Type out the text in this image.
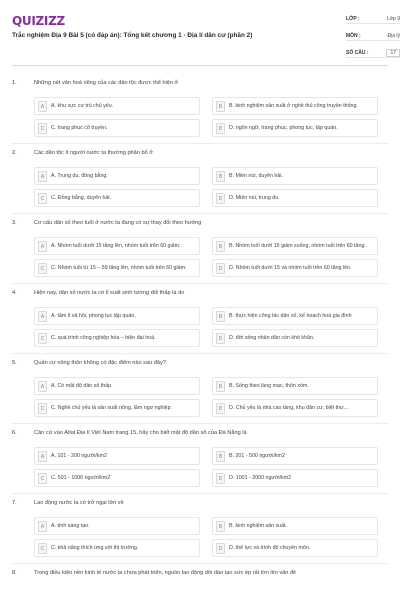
QUIZIZZ
Trắc nghiệm Địa 9 Bài 5 (có đáp án): Tổng kết chương 1 - Địa lí dân cư (phần 2)
LỚP :	Lớp 9
MÔN :	Địa lý
SỐ CÂU :	17
1.	Những nét văn hoá riêng của các dân tộc được thể hiện ở
A	A. khu vực cư trú chủ yếu.	B	B. kinh nghiệm sản xuất ở nghề thủ công truyền thống.
C	C. trang phục cổ truyền.	D	D. ngôn ngữ, trang phục, phong tục, tập quán.
2.	Các dân tộc ít người nước ta thường phân bố ở
A	A. Trung du, đồng bằng.	B	B. Miền núi, duyên hải.
C	C. Đồng bằng, duyên hải.	D	D. Miền núi, trung du.
3.	Cơ cấu dân số theo tuổi ở nước ta đang có sự thay đổi theo hướng
A	A. Nhóm tuổi dưới 15 tăng lên, nhóm tuổi trên 60 giảm.	B	B. Nhóm tuổi dưới 15 giảm xuống, nhóm tuổi trên 60 tăng.
C	C. Nhóm tuổi từ 15 – 59 tăng lên, nhóm tuổi trên 60 giảm.	D	D. Nhóm tuổi dưới 15 và nhóm tuổi trên 60 tăng lên.
4.	Hiện nay, dân số nước ta có tỉ suất sinh tương đối thấp là do
A	A. tâm lí xã hội, phong tục tập quán.	B	B. thực hiện công tác dân số, kế hoạch hoá gia đình
C	C. quá trình công nghiệp hóa – hiện đại hoá.	D	D. đời sống nhân dân còn khó khăn.
5.	Quần cư nông thôn không có đặc điểm nào sau đây?
A	A. Có mật độ dân số thấp.	B	B. Sống theo làng mạc, thôn xóm.
C	C. Nghề chủ yếu là sản xuất nông, lâm ngư nghiệp.	D	D. Chủ yếu là nhà cao tầng, khu dân cư, biệt thự...
6.	Căn cứ vào Atlat Địa lí Việt Nam trang 15, hãy cho biết mật độ dân số của Đà Nẵng là
A	A. 101 - 200 người/km2	B	B. 201 - 500 người/km2
C	C. 501 - 1000 người/km2	D	D. 1001 - 2000 người/km2
7.	Lao động nước ta có trở ngại lớn về
A	A. tính sáng tạo.	B	B. kinh nghiệm sản xuất.
C	C. khả năng thích ứng với thị trường.	D	D. thể lực và trình độ chuyên môn.
8.	Trong điều kiện nền kinh tế nước ta chưa phát triển, nguồn lao động dồi dào tạo sức ép rất lớn lên vấn đề
